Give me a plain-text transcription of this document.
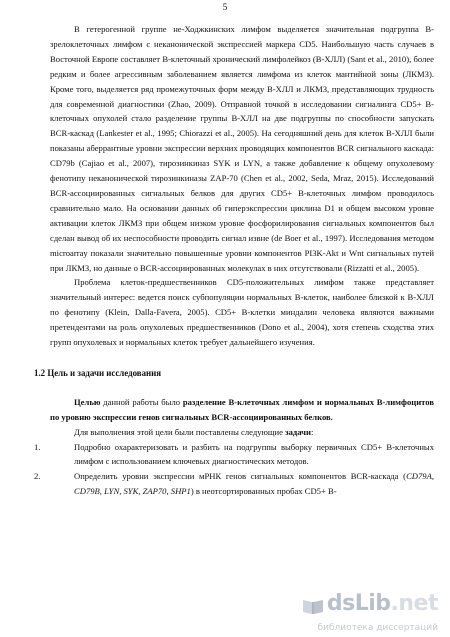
5

В гетерогенной группе не-Ходжкинских лимфом выделяется значительная подгруппа В-зрелоклеточных лимфом с неканонической экспрессией маркера CD5. Наибольшую часть случаев в Восточной Европе составляет В-клеточный хронический лимфолейкоз (В-ХЛЛ) (Sant et al., 2010), более редким и более агрессивным заболеванием является лимфома из клеток мантийной зоны (ЛКМЗ). Кроме того, выделяется ряд промежуточных форм между В-ХЛЛ и ЛКМЗ, представляющих трудность для современной диагностики (Zhao, 2009). Отправной точкой в исследовании сигналинга CD5+ В-клеточных опухолей стало разделение группы В-ХЛЛ на две подгруппы по способности запускать BCR-каскад (Lankester et al., 1995; Chiorazzi et al., 2005). На сегодняшний день для клеток В-ХЛЛ были показаны аберрантные уровни экспрессии верхних проводящих компонентов BCR сигнального каскада: CD79b (Cajiao et al., 2007), тирозинкиназ SYK и LYN, а также добавление к общему опухолевому фенотипу неканонической тирозинкиназы ZAP-70 (Chen et al., 2002, Seda, Mraz, 2015). Исследований BCR-ассоциированных сигнальных белков для других CD5+ В-клеточных лимфом проводилось сравнительно мало. На основании данных об гиперэкспрессии циклина D1 и общем высоком уровне активации клеток ЛКМЗ при общем низком уровне фосфорилирования сигнальных компонентов был сделан вывод об их неспособности проводить сигнал извне (de Boer et al., 1997). Исследования методом microarray показали значительно повышенные уровни компонентов PI3K-Akt и Wnt сигнальных путей при ЛКМЗ, но данные о BCR-ассоциированных молекулах в них отсутствовали (Rizzatti et al., 2005).

Проблема клеток-предшественников CD5-положительных лимфом также представляет значительный интерес: ведется поиск субпопуляции нормальных В-клеток, наиболее близкой к В-ХЛЛ по фенотипу (Klein, Dalla-Favera, 2005). CD5+ В-клетки миндалин человека являются важными претендентами на роль опухолевых предшественников (Dono et al., 2004), хотя степень сходства этих групп опухолевых и нормальных клеток требует дальнейшего изучения.

1.2 Цель и задачи исследования

Целью данной работы было разделение В-клеточных лимфом и нормальных В-лимфоцитов по уровню экспрессии генов сигнальных BCR-ассоциированных белков.

Для выполнения этой цели были поставлены следующие задачи:

1.	Подробно охарактеризовать и разбить на подгруппы выборку первичных CD5+ В-клеточных лимфом с использованием ключевых диагностических методов.

2.	Определить уровни экспрессии мРНК генов сигнальных компонентов BCR-каскада (CD79A, CD79B, LYN, SYK, ZAP70, SHP1) в неотсортированных пробах CD5+ В-

dsLib.net
библиотека диссертаций
